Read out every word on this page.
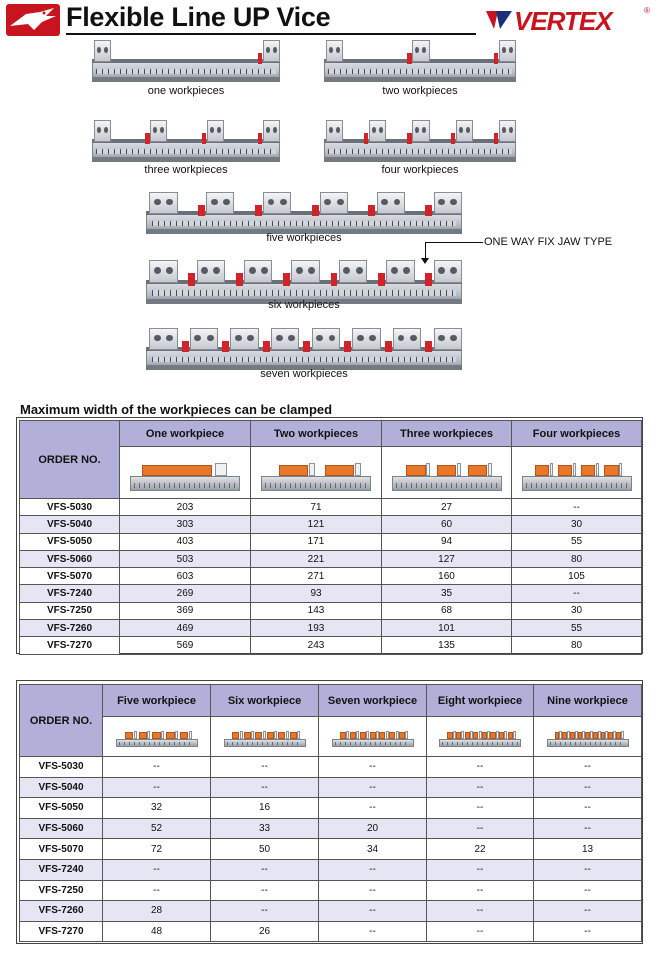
Flexible Line UP Vice	VERTEX	®
one workpieces	two workpieces
three workpieces	four workpieces
five workpieces
six workpieces
seven workpieces
ONE WAY FIX JAW TYPE
Maximum width of the workpieces can be clamped
ORDER NO.	One workpiece	Two workpieces	Three workpieces	Four workpieces

VFS-5030	203	71	27	--
VFS-5040	303	121	60	30
VFS-5050	403	171	94	55
VFS-5060	503	221	127	80
VFS-5070	603	271	160	105
VFS-7240	269	93	35	--
VFS-7250	369	143	68	30
VFS-7260	469	193	101	55
VFS-7270	569	243	135	80
ORDER NO.	Five workpiece	Six workpiece	Seven workpiece	Eight workpiece	Nine workpiece

VFS-5030	--	--	--	--	--
VFS-5040	--	--	--	--	--
VFS-5050	32	16	--	--	--
VFS-5060	52	33	20	--	--
VFS-5070	72	50	34	22	13
VFS-7240	--	--	--	--	--
VFS-7250	--	--	--	--	--
VFS-7260	28	--	--	--	--
VFS-7270	48	26	--	--	--
